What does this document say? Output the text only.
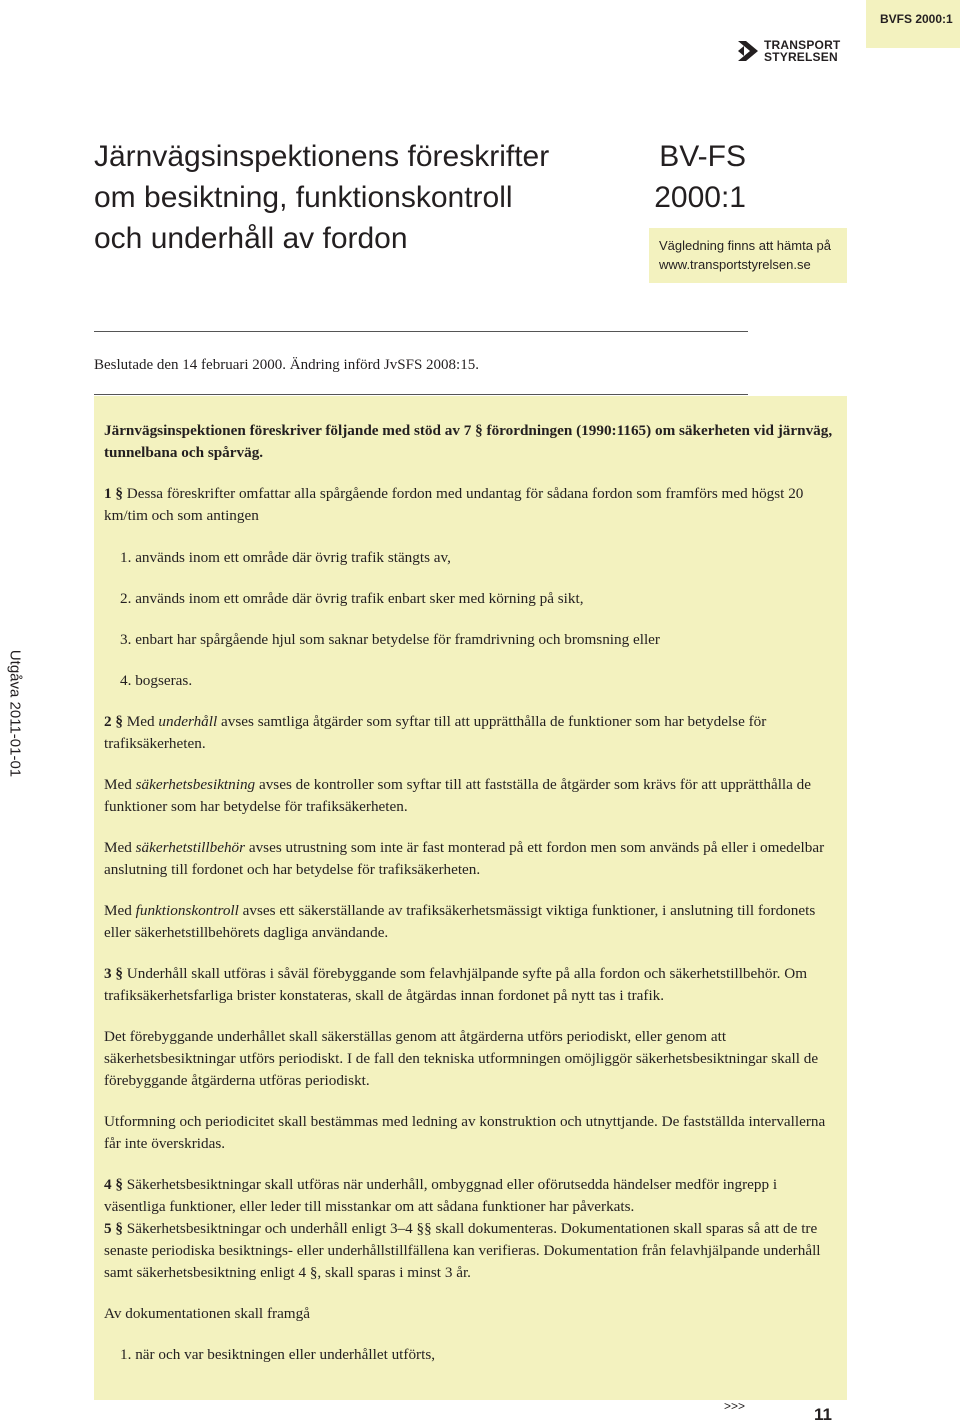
BVFS 2000:1
TRANSPORT
STYRELSEN
Järnvägsinspektionens föreskrifter
om besiktning, funktionskontroll
och underhåll av fordon
BV-FS
2000:1
Vägledning finns att hämta på
www.transportstyrelsen.se
Beslutade den 14 februari 2000. Ändring införd JvSFS 2008:15.

Järnvägsinspektionen föreskriver följande med stöd av 7 § förordningen (1990:1165) om säkerheten vid järnväg, tunnelbana och spårväg.

1 § Dessa föreskrifter omfattar alla spårgående fordon med undantag för sådana fordon som framförs med högst 20 km/tim och som antingen

1. används inom ett område där övrig trafik stängts av,

2. används inom ett område där övrig trafik enbart sker med körning på sikt,

3. enbart har spårgående hjul som saknar betydelse för framdrivning och bromsning eller

4. bogseras.

2 § Med underhåll avses samtliga åtgärder som syftar till att upprätthålla de funktioner som har betydelse för trafiksäkerheten.

Med säkerhetsbesiktning avses de kontroller som syftar till att fastställa de åtgärder som krävs för att upprätthålla de funktioner som har betydelse för trafiksäkerheten.

Med säkerhetstillbehör avses utrustning som inte är fast monterad på ett fordon men som används på eller i omedelbar anslutning till fordonet och har betydelse för trafiksäkerheten.

Med funktionskontroll avses ett säkerställande av trafiksäkerhetsmässigt viktiga funktioner, i anslutning till fordonets eller säkerhetstillbehörets dagliga användande.

3 § Underhåll skall utföras i såväl förebyggande som felavhjälpande syfte på alla fordon och säkerhetstillbehör. Om trafiksäkerhetsfarliga brister konstateras, skall de åtgärdas innan fordonet på nytt tas i trafik.

Det förebyggande underhållet skall säkerställas genom att åtgärderna utförs periodiskt, eller genom att säkerhetsbesiktningar utförs periodiskt. I de fall den tekniska utformningen omöjliggör säkerhetsbesiktningar skall de förebyggande åtgärderna utföras periodiskt.

Utformning och periodicitet skall bestämmas med ledning av konstruktion och utnyttjande. De fastställda intervallerna får inte överskridas.

4 § Säkerhetsbesiktningar skall utföras när underhåll, ombyggnad eller oförutsedda händelser medför ingrepp i väsentliga funktioner, eller leder till misstankar om att sådana funktioner har påverkats.

5 § Säkerhetsbesiktningar och underhåll enligt 3–4 §§ skall dokumenteras. Dokumentationen skall sparas så att de tre senaste periodiska besiktnings- eller underhållstillfällena kan verifieras. Dokumentation från felavhjälpande underhåll samt säkerhetsbesiktning enligt 4 §, skall sparas i minst 3 år.

Av dokumentationen skall framgå

1. när och var besiktningen eller underhållet utförts,

Utgåva 2011-01-01
>>>	11
